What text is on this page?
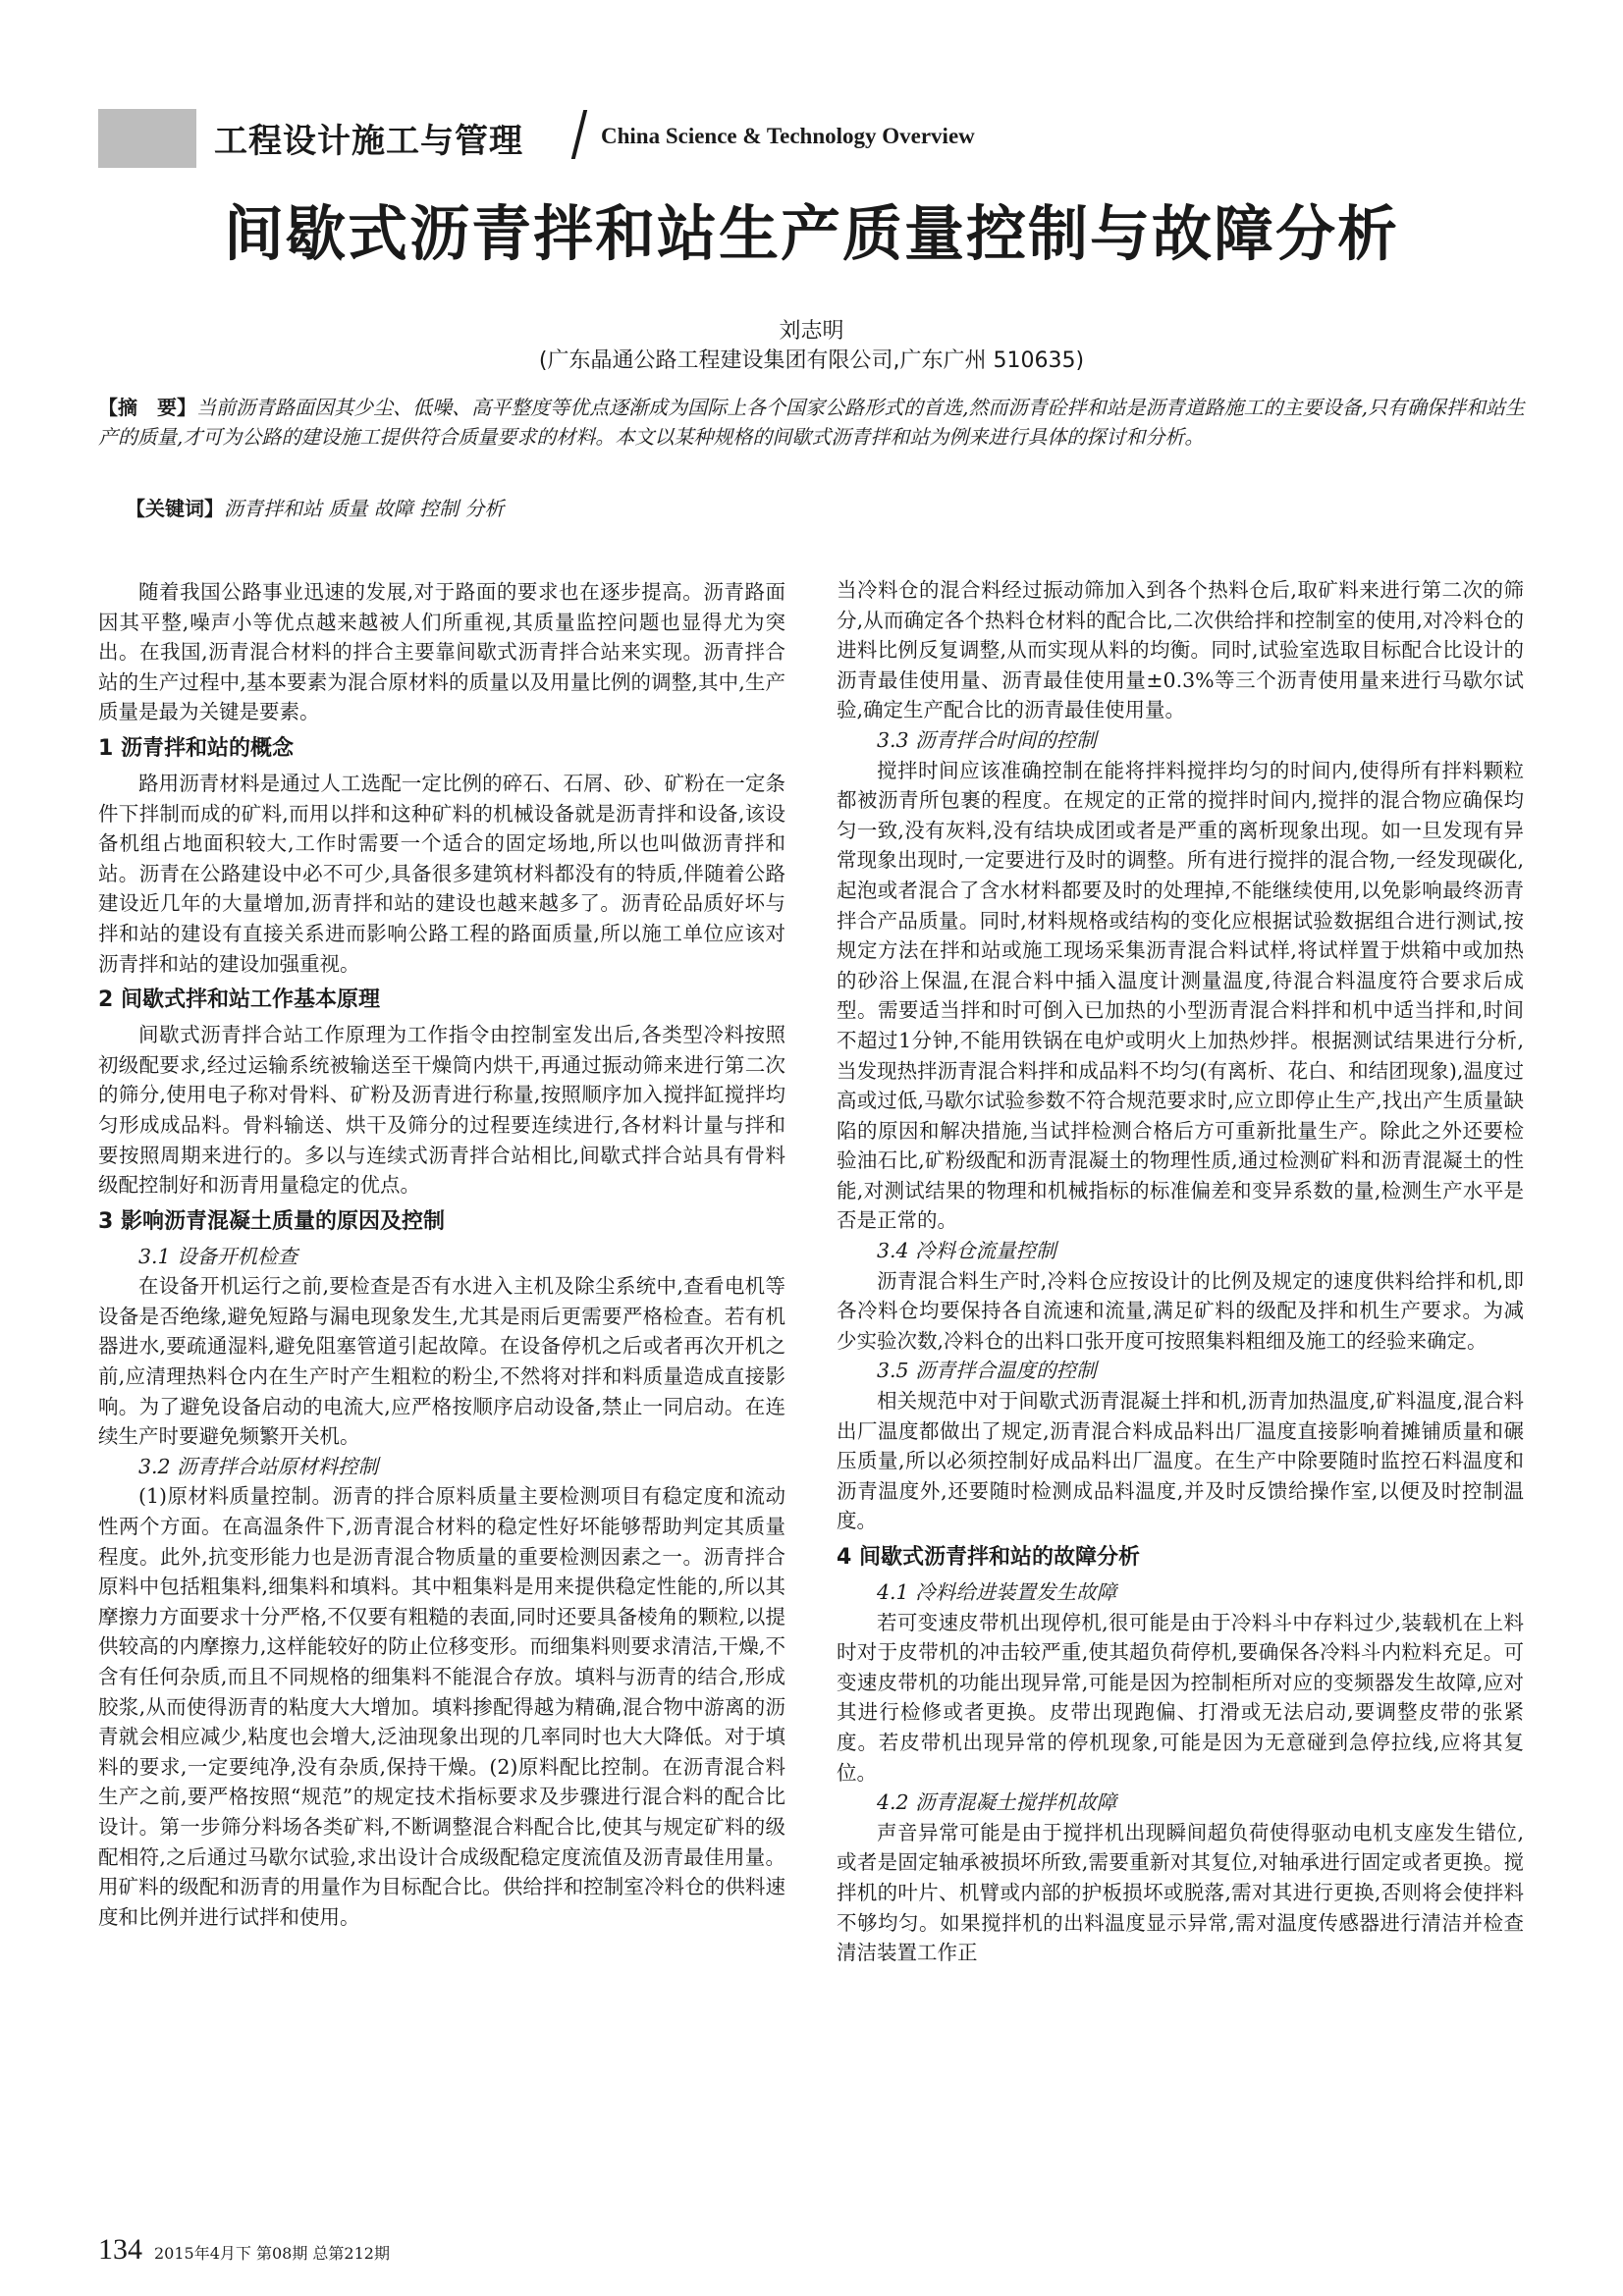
工程设计施工与管理	China Science & Technology Overview
间歇式沥青拌和站生产质量控制与故障分析
刘志明
(广东晶通公路工程建设集团有限公司,广东广州 510635)
【摘　要】当前沥青路面因其少尘、低噪、高平整度等优点逐渐成为国际上各个国家公路形式的首选,然而沥青砼拌和站是沥青道路施工的主要设备,只有确保拌和站生产的质量,才可为公路的建设施工提供符合质量要求的材料。本文以某种规格的间歇式沥青拌和站为例来进行具体的探讨和分析。
【关键词】沥青拌和站 质量 故障 控制 分析

随着我国公路事业迅速的发展,对于路面的要求也在逐步提高。沥青路面因其平整,噪声小等优点越来越被人们所重视,其质量监控问题也显得尤为突出。在我国,沥青混合材料的拌合主要靠间歇式沥青拌合站来实现。沥青拌合站的生产过程中,基本要素为混合原材料的质量以及用量比例的调整,其中,生产质量是最为关键是要素。

1 沥青拌和站的概念

路用沥青材料是通过人工选配一定比例的碎石、石屑、砂、矿粉在一定条件下拌制而成的矿料,而用以拌和这种矿料的机械设备就是沥青拌和设备,该设备机组占地面积较大,工作时需要一个适合的固定场地,所以也叫做沥青拌和站。沥青在公路建设中必不可少,具备很多建筑材料都没有的特质,伴随着公路建设近几年的大量增加,沥青拌和站的建设也越来越多了。沥青砼品质好坏与拌和站的建设有直接关系进而影响公路工程的路面质量,所以施工单位应该对沥青拌和站的建设加强重视。

2 间歇式拌和站工作基本原理

间歇式沥青拌合站工作原理为工作指令由控制室发出后,各类型冷料按照初级配要求,经过运输系统被输送至干燥筒内烘干,再通过振动筛来进行第二次的筛分,使用电子称对骨料、矿粉及沥青进行称量,按照顺序加入搅拌缸搅拌均匀形成成品料。骨料输送、烘干及筛分的过程要连续进行,各材料计量与拌和要按照周期来进行的。多以与连续式沥青拌合站相比,间歇式拌合站具有骨料级配控制好和沥青用量稳定的优点。

3 影响沥青混凝土质量的原因及控制
3.1 设备开机检查

在设备开机运行之前,要检查是否有水进入主机及除尘系统中,查看电机等设备是否绝缘,避免短路与漏电现象发生,尤其是雨后更需要严格检查。若有机器进水,要疏通湿料,避免阻塞管道引起故障。在设备停机之后或者再次开机之前,应清理热料仓内在生产时产生粗粒的粉尘,不然将对拌和料质量造成直接影响。为了避免设备启动的电流大,应严格按顺序启动设备,禁止一同启动。在连续生产时要避免频繁开关机。

3.2 沥青拌合站原材料控制

(1)原材料质量控制。沥青的拌合原料质量主要检测项目有稳定度和流动性两个方面。在高温条件下,沥青混合材料的稳定性好坏能够帮助判定其质量程度。此外,抗变形能力也是沥青混合物质量的重要检测因素之一。沥青拌合原料中包括粗集料,细集料和填料。其中粗集料是用来提供稳定性能的,所以其摩擦力方面要求十分严格,不仅要有粗糙的表面,同时还要具备棱角的颗粒,以提供较高的内摩擦力,这样能较好的防止位移变形。而细集料则要求清洁,干燥,不含有任何杂质,而且不同规格的细集料不能混合存放。填料与沥青的结合,形成胶浆,从而使得沥青的粘度大大增加。填料掺配得越为精确,混合物中游离的沥青就会相应减少,粘度也会增大,泛油现象出现的几率同时也大大降低。对于填料的要求,一定要纯净,没有杂质,保持干燥。(2)原料配比控制。在沥青混合料生产之前,要严格按照“规范”的规定技术指标要求及步骤进行混合料的配合比设计。第一步筛分料场各类矿料,不断调整混合料配合比,使其与规定矿料的级配相符,之后通过马歇尔试验,求出设计合成级配稳定度流值及沥青最佳用量。用矿料的级配和沥青的用量作为目标配合比。供给拌和控制室冷料仓的供料速度和比例并进行试拌和使用。

当冷料仓的混合料经过振动筛加入到各个热料仓后,取矿料来进行第二次的筛分,从而确定各个热料仓材料的配合比,二次供给拌和控制室的使用,对冷料仓的进料比例反复调整,从而实现从料的均衡。同时,试验室选取目标配合比设计的沥青最佳使用量、沥青最佳使用量±0.3%等三个沥青使用量来进行马歇尔试验,确定生产配合比的沥青最佳使用量。

3.3 沥青拌合时间的控制

搅拌时间应该准确控制在能将拌料搅拌均匀的时间内,使得所有拌料颗粒都被沥青所包裹的程度。在规定的正常的搅拌时间内,搅拌的混合物应确保均匀一致,没有灰料,没有结块成团或者是严重的离析现象出现。如一旦发现有异常现象出现时,一定要进行及时的调整。所有进行搅拌的混合物,一经发现碳化,起泡或者混合了含水材料都要及时的处理掉,不能继续使用,以免影响最终沥青拌合产品质量。同时,材料规格或结构的变化应根据试验数据组合进行测试,按规定方法在拌和站或施工现场采集沥青混合料试样,将试样置于烘箱中或加热的砂浴上保温,在混合料中插入温度计测量温度,待混合料温度符合要求后成型。需要适当拌和时可倒入已加热的小型沥青混合料拌和机中适当拌和,时间不超过1分钟,不能用铁锅在电炉或明火上加热炒拌。根据测试结果进行分析,当发现热拌沥青混合料拌和成品料不均匀(有离析、花白、和结团现象),温度过高或过低,马歇尔试验参数不符合规范要求时,应立即停止生产,找出产生质量缺陷的原因和解决措施,当试拌检测合格后方可重新批量生产。除此之外还要检验油石比,矿粉级配和沥青混凝土的物理性质,通过检测矿料和沥青混凝土的性能,对测试结果的物理和机械指标的标准偏差和变异系数的量,检测生产水平是否是正常的。

3.4 冷料仓流量控制

沥青混合料生产时,冷料仓应按设计的比例及规定的速度供料给拌和机,即各冷料仓均要保持各自流速和流量,满足矿料的级配及拌和机生产要求。为减少实验次数,冷料仓的出料口张开度可按照集料粗细及施工的经验来确定。

3.5 沥青拌合温度的控制

相关规范中对于间歇式沥青混凝土拌和机,沥青加热温度,矿料温度,混合料出厂温度都做出了规定,沥青混合料成品料出厂温度直接影响着摊铺质量和碾压质量,所以必须控制好成品料出厂温度。在生产中除要随时监控石料温度和沥青温度外,还要随时检测成品料温度,并及时反馈给操作室,以便及时控制温度。

4 间歇式沥青拌和站的故障分析
4.1 冷料给进装置发生故障

若可变速皮带机出现停机,很可能是由于冷料斗中存料过少,装载机在上料时对于皮带机的冲击较严重,使其超负荷停机,要确保各冷料斗内粒料充足。可变速皮带机的功能出现异常,可能是因为控制柜所对应的变频器发生故障,应对其进行检修或者更换。皮带出现跑偏、打滑或无法启动,要调整皮带的张紧度。若皮带机出现异常的停机现象,可能是因为无意碰到急停拉线,应将其复位。

4.2 沥青混凝土搅拌机故障

声音异常可能是由于搅拌机出现瞬间超负荷使得驱动电机支座发生错位,或者是固定轴承被损坏所致,需要重新对其复位,对轴承进行固定或者更换。搅拌机的叶片、机臂或内部的护板损坏或脱落,需对其进行更换,否则将会使拌料不够均匀。如果搅拌机的出料温度显示异常,需对温度传感器进行清洁并检查清洁装置工作正

134 2015年4月下 第08期 总第212期
